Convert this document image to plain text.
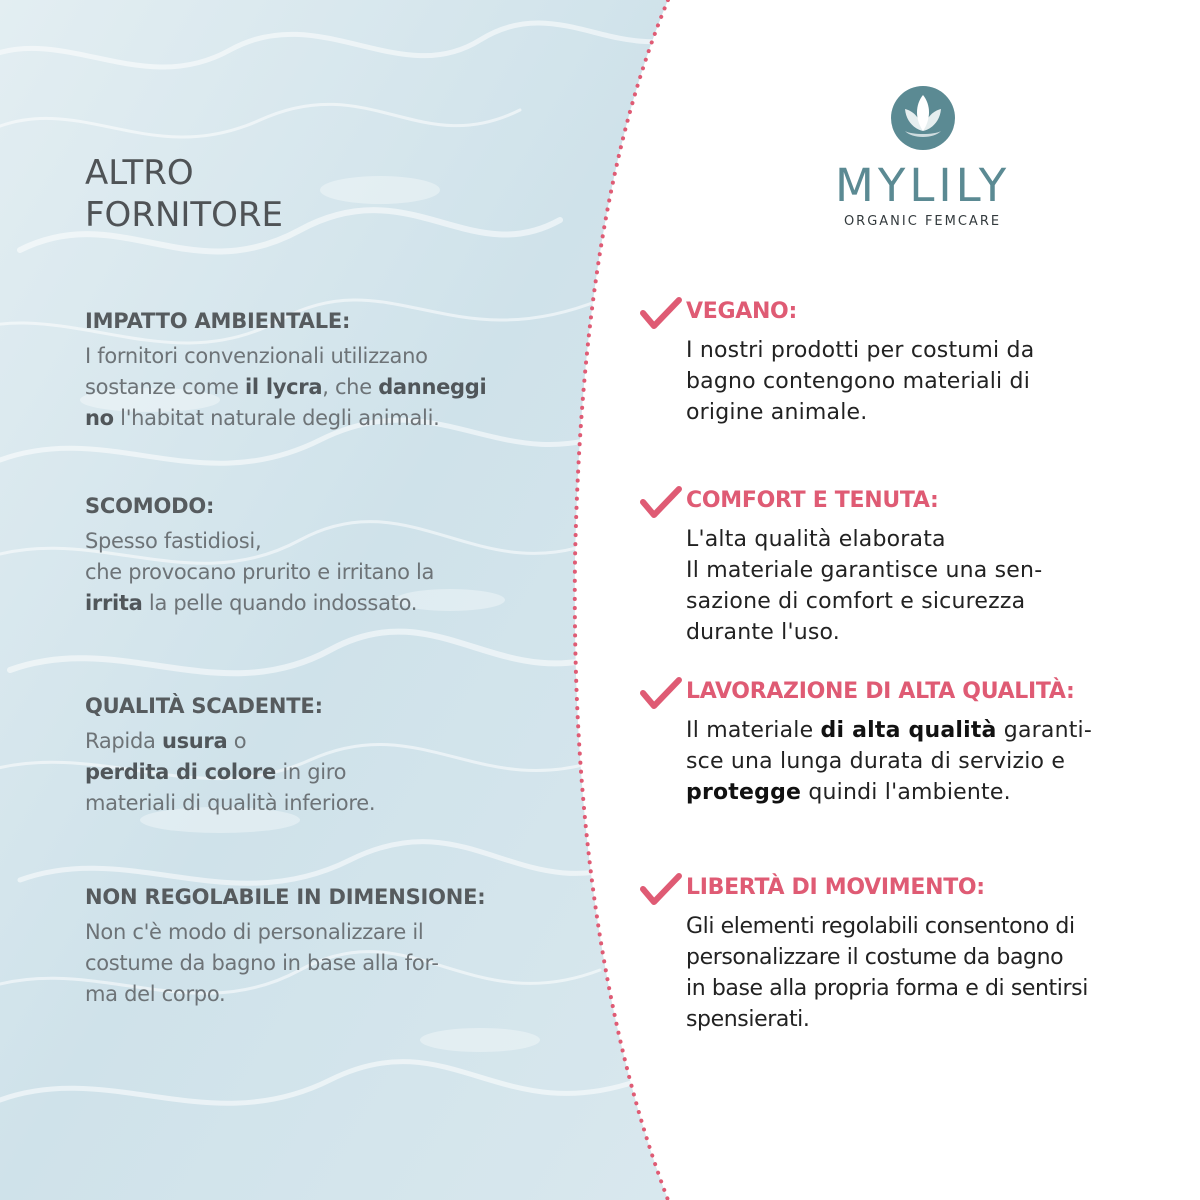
ALTRO
FORNITORE
IMPATTO AMBIENTALE:
I fornitori convenzionali utilizzano
sostanze come il lycra, che danneggi
no l'habitat naturale degli animali.
SCOMODO:
Spesso fastidiosi,
che provocano prurito e irritano la
irrita la pelle quando indossato.
QUALITÀ SCADENTE:
Rapida usura o
perdita di colore in giro
materiali di qualità inferiore.
NON REGOLABILE IN DIMENSIONE:
Non c'è modo di personalizzare il
costume da bagno in base alla for-
ma del corpo.
MYLILY
ORGANIC FEMCARE
VEGANO:
I nostri prodotti per costumi da
bagno contengono materiali di
origine animale.
COMFORT E TENUTA:
L'alta qualità elaborata
Il materiale garantisce una sen-
sazione di comfort e sicurezza
durante l'uso.
LAVORAZIONE DI ALTA QUALITÀ:
Il materiale di alta qualità garanti-
sce una lunga durata di servizio e
protegge quindi l'ambiente.
LIBERTÀ DI MOVIMENTO:
Gli elementi regolabili consentono di
personalizzare il costume da bagno
in base alla propria forma e di sentirsi
spensierati.
